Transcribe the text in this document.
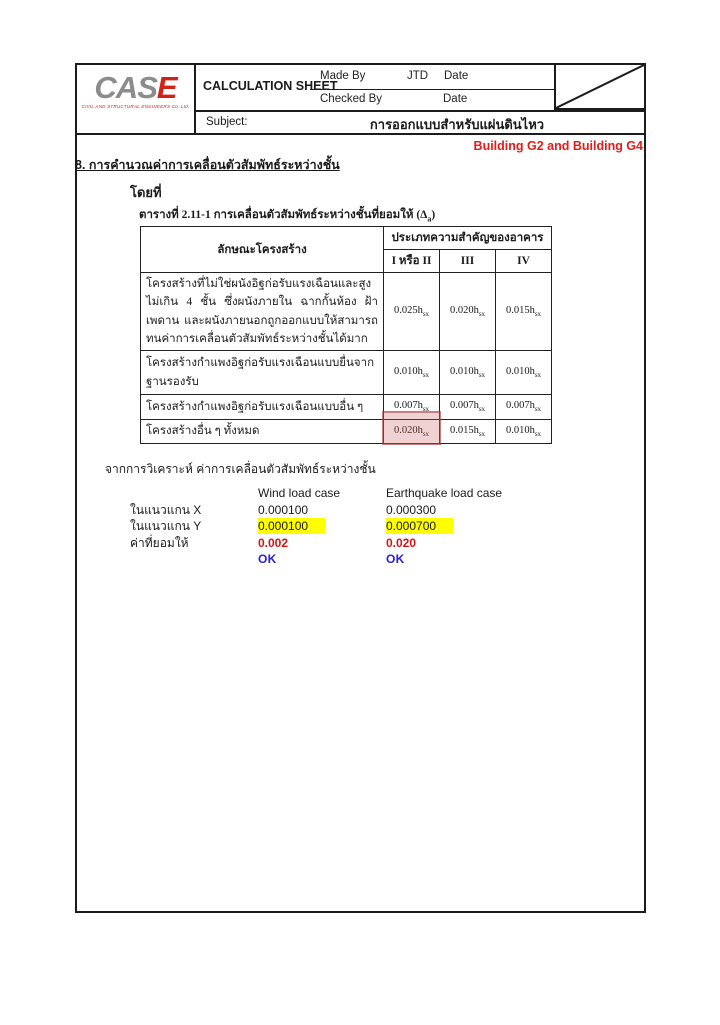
CASE
CIVIL AND STRUCTURAL ENGINEERS Co.,Ltd.
CALCULATION SHEET
Made By	JTD Date
Checked By	Date
Subject:	การออกแบบสำหรับแผ่นดินไหว
Building G2 and Building G4
8. การคำนวณค่าการเคลื่อนตัวสัมพัทธ์ระหว่างชั้น
โดยที่
ตารางที่ 2.11-1 การเคลื่อนตัวสัมพัทธ์ระหว่างชั้นที่ยอมให้ $(\Delta_a)$
ลักษณะโครงสร้าง	ประเภทความสำคัญของอาคาร		
	I หรือ II	III	IV
โครงสร้างที่ไม่ใช่ผนังอิฐก่อรับแรงเฉือนและสูงไม่เกิน 4 ชั้น ซึ่งผนังภายใน ฉากกั้นห้อง ฝ้าเพดาน และผนังภายนอกถูกออกแบบให้สามารถทนค่าการเคลื่อนตัวสัมพัทธ์ระหว่างชั้นได้มาก	$0.025h_{sx}$	$0.020h_{sx}$	$0.015h_{sx}$
โครงสร้างกำแพงอิฐก่อรับแรงเฉือนแบบยื่นจากฐานรองรับ	$0.010h_{sx}$	$0.010h_{sx}$	$0.010h_{sx}$
โครงสร้างกำแพงอิฐก่อรับแรงเฉือนแบบอื่น ๆ	$0.007h_{sx}$	$0.007h_{sx}$	$0.007h_{sx}$
โครงสร้างอื่น ๆ ทั้งหมด	$0.020h_{sx}$	$0.015h_{sx}$	$0.010h_{sx}$
จากการวิเคราะห์ ค่าการเคลื่อนตัวสัมพัทธ์ระหว่างชั้น
Wind load case	Earthquake load case
ในแนวแกน X	0.000100	0.000300
ในแนวแกน Y	0.000100	0.000700
ค่าที่ยอมให้	0.002	0.020
OK	OK
